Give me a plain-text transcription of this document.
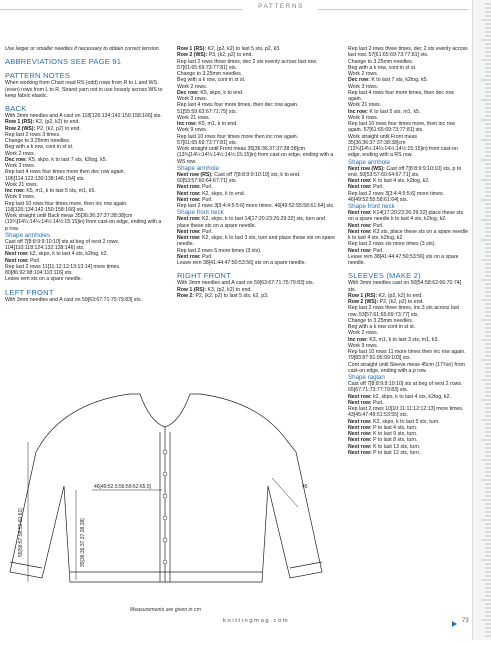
PATTERNS

Use larger or smaller needles if necessary to obtain correct tension.

ABBREVIATIONS SEE PAGE 91

PATTERN NOTES

When working from Chart read RS (odd) rows from R to L and WS (even) rows from L to R. Strand yarn not in use loosely across WS to keep fabric elastic.

BACK

With 3mm needles and A cast on 118[126:134:142:150:158:166] sts.

Row 1 (RS): K2, (p2, k2) to end.

Row 2 (WS): P2, (k2, p2) to end.

Rep last 2 rows 3 times.

Change to 3.25mm needles.

Beg with a k row, cont in st st.

Work 2 rows.

Dec row: K5, skpo, k to last 7 sts, k2tog, k5.

Work 3 rows.

Rep last 4 rows four times more then dec row again. 106[114:122:130:138:146:154] sts.

Work 21 rows.

Inc row: K5, m1, k to last 5 sts, m1, k5.

Work 9 rows.

Rep last 10 rows four times more, then inc row again. 118[126:134:142:150:158:166] sts.

Work straight until Back meas 35[36:36:37:37:38:38]cm (13¾[14¼:14¼:14½:14½:15:15]in) from cast-on edge, ending with a p row.

Shape armholes

Cast off 7[8:8:9:9:10:10] sts at beg of next 2 rows. 104[110:118:124:132:138:146] sts.

Next row: k2, skpo, k to last 4 sts, k2tog, k2.

Next row: Purl.

Rep last 2 rows 11[11:12:12:13:13:14] more times. 80[86:92:98:104:110:116] sts.

Leave rem sts on a spare needle.

LEFT FRONT

With 3mm needles and A cast on 59[63:67:71:75:79:83] sts.

Row 1 (RS): K2, (p2, k2) to last 5 sts, p2, k3.

Row 2 (WS): P3, (k2, p2) to end.

Rep last 2 rows three times, dec 2 sts evenly across last row. 57[61:65:69:73:77:81] sts.

Change to 3.25mm needles.

Beg with a k row, cont in st st.

Work 2 rows.

Dec row: K5, skpo, k to end.

Work 3 rows.

Rep last 4 rows four more times, then dec row again. 51[55:59:63:67:71:75] sts.

Work 21 rows.

Inc row: K5, m1, k to end.

Work 9 rows.

Rep last 10 rows four times more then inc row again. 57[61:65:69:73:77:81] sts.

Work straight until Front meas 35[36:36:37:37:38:38]cm (13¾[14¼:14¼:14½:14½:15:15]in) from cast-on edge, ending with a WS row.

Shape armhole

Next row (RS): Cast off 7[8:8:9:9:10:10] sts, k to end. 50[53:57:60:64:67:71] sts.

Next row: Purl.

Next row: K2, skpo, k to end.

Next row: Purl.

Rep last 2 rows 3[3:4:4:5:5:6] more times. 46[49:52:55:58:61:64] sts.

Shape front neck

Next row: K2, skpo, k to last 14[17:20:23:26:29:32] sts, turn and place these sts on a spare needle.

Next row: Purl.

Next row: K2, skpo, k to last 3 sts, turn and place these sts on spare needle.

Rep last 2 rows 6 more times (3 sts).

Next row: Purl.

Leave rem 38[41:44:47:50:53:56] sts on a spare needle.

RIGHT FRONT

With 3mm needles and A cast on 59[63:67:71:75:79:83] sts.

Row 1 (RS): K3, (p2, k2) to end.

Row 2: P2, (k2, p2) to last 5 sts, k2, p3.

Rep last 2 rows three times, dec 2 sts evenly across last row. 57[61:65:69:73:77:81] sts.

Change to 3.25mm needles.

Beg with a k row, cont in st st.

Work 2 rows.

Dec row: K to last 7 sts, k2tog, k5.

Work 3 rows.

Rep last 4 rows four more times, then dec row again.

Work 21 rows.

Inc row: K to last 5 sts, m1, k5.

Work 9 rows.

Rep last 10 rows four times more, then inc row again. 57[61:65:69:73:77:81] sts.

Work straight until Front meas 35[36:36:37:37:38:38]cm (13¾[14¼:14¼:14½:14½:15:15]in) from cast-on edge, ending with a RS row.

Shape armhole

Next row (WS): Cast off 7[8:8:9:9:10:10] sts, p to end. 50[53:57:60:64:67:71] sts.

Next row: K to last 4 sts, k2tog, k2.

Next row: Purl.

Rep last 2 rows 3[3:4:4:5:5:6] more times. 46[49:52:55:58:61:64] sts.

Shape front neck

Next row: K14[17:20:23:26:29:32] place these sts on a spare needle k to last 4 sts, k2tog, k2.

Next row: Purl.

Next row: K3 sts, place these sts on a spare needle k to last 4 sts, k2tog, k2.

Rep last 2 rows six more times (3 sts).

Next row: Purl.

Leave rem 38[41:44:47:50:53:56] sts on a spare needle.

SLEEVES (MAKE 2)

With 3mm needles cast on 50[54:58:62:66:70:74] sts.

Row 1 (RS): K2, (p2, k2) to end.

Row 2 (WS): P2, (k2, p2) to end.

Rep last 2 rows three times, inc 3 sts across last row. 53[57:61:65:69:73:77] sts.

Change to 3.25mm needles.

Beg with a k row cont in st st.

Work 2 rows.

Inc row: K3, m1, k to last 3 sts, m1, k3.

Work 9 rows.

Rep last 10 rows 11 more times then inc row again. 79[83:87:91:95:99:103] sts.

Cont straight until Sleeve meas 45cm (17¾in) from cast-on edge, ending with a p row.

Shape raglan

Cast off 7[8:8:9:9:10:10] sts at beg of next 2 rows. 65[67:71:73:77:79:83] sts.

Next row: k2, skpo, k to last 4 sts, k2tog, k2.

Next row: Purl.

Rep last 2 rows 10[10:11:11:12:12:13] more times. 43[45:47:49:51:53:55] sts.

Next row: K2, skpo, k to last 5 sts, turn.

Next row: P to last 4 sts, turn.

Next row: K to last 9 sts, turn.

Next row: P to last 8 sts, turn.

Next row: K to last 13 sts, turn.

Next row: P to last 12 sts, turn.

46[49:52.5:56:59:62:65.5]	45
55[56:57:58:59:60:61]	35[36:36:37:37:38:38]
Measurements are given in cm
knittingmag.com	73
